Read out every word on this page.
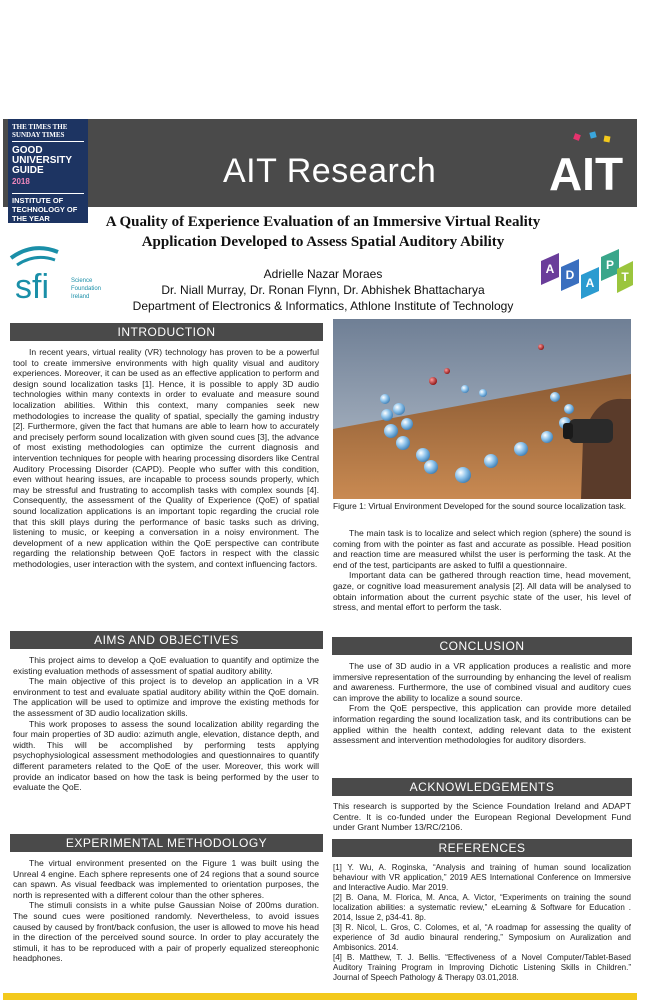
AIT Research
THE TIMES THE SUNDAY TIMES
GOOD UNIVERSITY GUIDE
2018
INSTITUTE OF TECHNOLOGY OF THE YEAR
AIT
A Quality of Experience Evaluation of an Immersive Virtual Reality
Application Developed to Assess Spatial Auditory Ability
sfi	Science
Foundation
Ireland
A D
A
P
T
Adrielle Nazar Moraes
Dr. Niall Murray, Dr. Ronan Flynn, Dr. Abhishek Bhattacharya
Department of Electronics & Informatics, Athlone Institute of Technology
INTRODUCTION

In recent years, virtual reality (VR) technology has proven to be a powerful tool to create immersive environments with high quality visual and auditory experiences. Moreover, it can be used as an effective application to perform and design sound localization tasks [1]. Hence, it is possible to apply 3D audio technologies within many contexts in order to evaluate and measure sound localization abilities. Within this context, many companies seek new methodologies to increase the quality of spatial, specially the gaming industry [2]. Furthermore, given the fact that humans are able to learn how to accurately and precisely perform sound localization with given sound cues [3], the advance of most existing methodologies can optimize the current diagnosis and intervention techniques for people with hearing processing disorders like Central Auditory Processing Disorder (CAPD). People who suffer with this condition, even without hearing issues, are incapable to process sounds properly, which may be stressful and frustrating to accomplish tasks with complex sounds [4]. Consequently, the assessment of the Quality of Experience (QoE) of spatial sound localization applications is an important topic regarding the crucial role that this skill plays during the performance of basic tasks such as driving, listening to music, or keeping a conversation in a noisy environment. The development of a new application within the QoE perspective can contribute regarding the relationship between QoE factors in respect with the classic methodologies, user interaction with the system, and context influencing factors.

AIMS AND OBJECTIVES

This project aims to develop a QoE evaluation to quantify and optimize the existing evaluation methods of assessment of spatial auditory ability.

The main objective of this project is to develop an application in a VR environment to test and evaluate spatial auditory ability within the QoE domain. The application will be used to optimize and improve the existing methods for the assessment of 3D audio localization skills.

This work proposes to assess the sound localization ability regarding the four main properties of 3D audio: azimuth angle, elevation, distance depth, and width. This will be accomplished by performing tests applying psychophysiological assessment methodologies and questionnaires to quantify different parameters related to the QoE of the user. Moreover, this work will provide an indicator based on how the task is being performed by the user to evaluate the QoE.

EXPERIMENTAL METHODOLOGY

The virtual environment presented on the Figure 1 was built using the Unreal 4 engine. Each sphere represents one of 24 regions that a sound source can spawn. As visual feedback was implemented to orientation purposes, the north is represented with a different colour than the other spheres.

The stimuli consists in a white pulse Gaussian Noise of 200ms duration. The sound cues were positioned randomly. Nevertheless, to avoid issues caused by caused by front/back confusion, the user is allowed to move his head in the direction of the perceived sound source. In order to play accurately the stimuli, it has to be reproduced with a pair of properly equalized stereophonic headphones.

Figure 1: Virtual Environment Developed for the sound source localization task.

The main task is to localize and select which region (sphere) the sound is coming from with the pointer as fast and accurate as possible. Head position and reaction time are measured whilst the user is performing the task. At the end of the test, participants are asked to fulfil a questionnaire.

Important data can be gathered through reaction time, head movement, gaze, or cognitive load measurement analysis [2]. All data will be analysed to obtain information about the current psychic state of the user, his level of stress, and mental effort to perform the task.

CONCLUSION

The use of 3D audio in a VR application produces a realistic and more immersive representation of the surrounding by enhancing the level of realism and awareness. Furthermore, the use of combined visual and auditory cues can improve the ability to localize a sound source.

From the QoE perspective, this application can provide more detailed information regarding the sound localization task, and its contributions can be applied within the health context, adding relevant data to the existent assessment and intervention methodologies for auditory disorders.

ACKNOWLEDGEMENTS

This research is supported by the Science Foundation Ireland and ADAPT Centre. It is co-funded under the European Regional Development Fund under Grant Number 13/RC/2106.

REFERENCES

[1] Y. Wu, A. Roginska, “Analysis and training of human sound localization behaviour with VR application,” 2019 AES International Conference on Immersive and Interactive Audio. Mar 2019.

[2] B. Oana, M. Florica, M. Anca, A. Victor, “Experiments on training the sound localization abilities: a systematic review,” eLearning & Software for Education . 2014, Issue 2, p34-41. 8p.

[3] R. Nicol, L. Gros, C. Colomes, et al, “A roadmap for assessing the quality of experience of 3d audio binaural rendering,” Symposium on Auralization and Ambisonics. 2014.

[4] B. Matthew, T. J. Bellis. “Effectiveness of a Novel Computer/Tablet-Based Auditory Training Program in Improving Dichotic Listening Skills in Children.” Journal of Speech Pathology & Therapy 03.01,2018.
